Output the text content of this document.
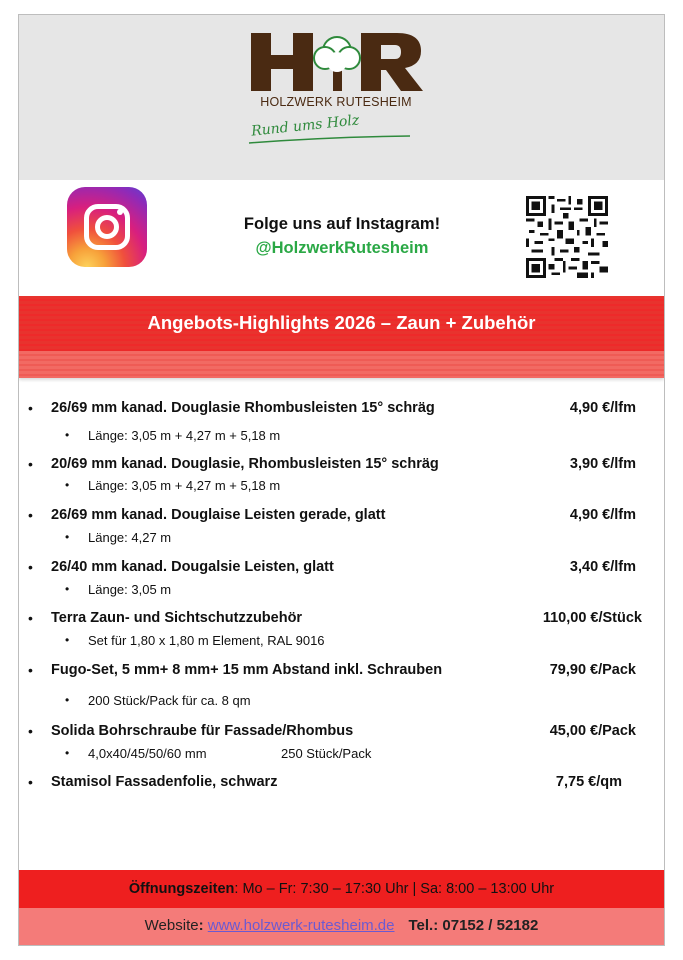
HOLZWERK RUTESHEIM
Rund ums Holz
Folge uns auf Instagram!
@HolzwerkRutesheim
Angebots-Highlights 2026 – Zaun + Zubehör
• 26/69 mm kanad. Douglasie Rhombusleisten 15° schräg	4,90 €/lfm
• Länge: 3,05 m + 4,27 m + 5,18 m
• 20/69 mm kanad. Douglasie, Rhombusleisten 15° schräg	3,90 €/lfm
• Länge: 3,05 m + 4,27 m + 5,18 m
• 26/69 mm kanad. Douglaise Leisten gerade, glatt	4,90 €/lfm
• Länge: 4,27 m
• 26/40 mm kanad. Dougalsie Leisten, glatt	3,40 €/lfm
• Länge: 3,05 m
• Terra Zaun- und Sichtschutzzubehör	110,00 €/Stück
• Set für 1,80 x 1,80 m Element, RAL 9016
• Fugo-Set, 5 mm+ 8 mm+ 15 mm Abstand inkl. Schrauben	79,90 €/Pack
• 200 Stück/Pack für ca. 8 qm
• Solida Bohrschraube für Fassade/Rhombus	45,00 €/Pack
• 4,0x40/45/50/60 mm	250 Stück/Pack
• Stamisol Fassadenfolie, schwarz	7,75 €/qm
Öffnungszeiten: Mo – Fr: 7:30 – 17:30 Uhr | Sa: 8:00 – 13:00 Uhr
Website: www.holzwerk-rutesheim.de Tel.: 07152 / 52182
